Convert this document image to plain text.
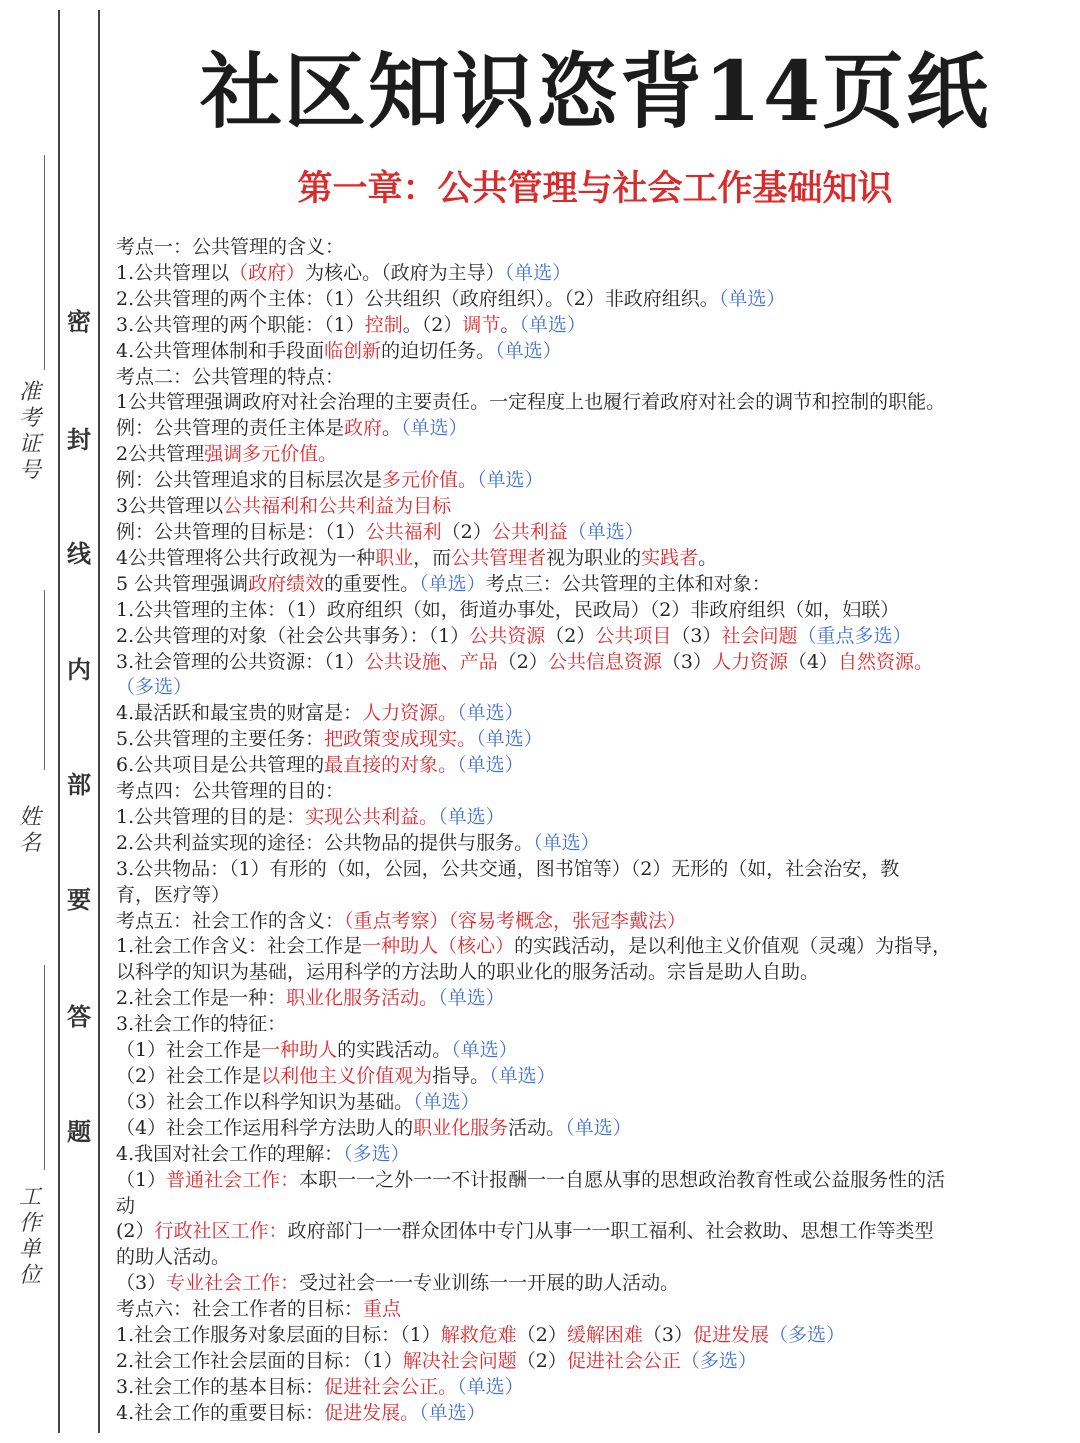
准考证号
姓名
工作单位
密
封
线
内
部
要
答
题
社区知识恣背14页纸
第一章：公共管理与社会工作基础知识
考点一：公共管理的含义：
1.公共管理以（政府）为核心。（政府为主导）（单选）
2.公共管理的两个主体：（1）公共组织（政府组织）。（2）非政府组织。（单选）
3.公共管理的两个职能：（1）控制。（2）调节。（单选）
4.公共管理体制和手段面临创新的迫切任务。（单选）
考点二：公共管理的特点：
1公共管理强调政府对社会治理的主要责任。一定程度上也履行着政府对社会的调节和控制的职能。
例：公共管理的责任主体是政府。（单选）
2公共管理强调多元价值。
例：公共管理追求的目标层次是多元价值。（单选）
3公共管理以公共福利和公共利益为目标
例：公共管理的目标是：（1）公共福利（2）公共利益（单选）
4公共管理将公共行政视为一种职业，而公共管理者视为职业的实践者。
5 公共管理强调政府绩效的重要性。（单选）考点三：公共管理的主体和对象：
1.公共管理的主体：（1）政府组织（如，街道办事处，民政局）（2）非政府组织（如，妇联）
2.公共管理的对象（社会公共事务）：（1）公共资源（2）公共项目（3）社会问题（重点多选）
3.社会管理的公共资源：（1）公共设施、产品（2）公共信息资源（3）人力资源（4）自然资源。
（多选）
4.最活跃和最宝贵的财富是：人力资源。（单选）
5.公共管理的主要任务：把政策变成现实。（单选）
6.公共项目是公共管理的最直接的对象。（单选）
考点四：公共管理的目的：
1.公共管理的目的是：实现公共利益。（单选）
2.公共利益实现的途径：公共物品的提供与服务。（单选）
3.公共物品：（1）有形的（如，公园，公共交通，图书馆等）（2）无形的（如，社会治安，教
育，医疗等）
考点五：社会工作的含义：（重点考察）（容易考概念，张冠李戴法）
1.社会工作含义：社会工作是一种助人（核心）的实践活动，是以利他主义价值观（灵魂）为指导，
以科学的知识为基础，运用科学的方法助人的职业化的服务活动。宗旨是助人自助。
2.社会工作是一种：职业化服务活动。（单选）
3.社会工作的特征：
（1）社会工作是一种助人的实践活动。（单选）
（2）社会工作是以利他主义价值观为指导。（单选）
（3）社会工作以科学知识为基础。（单选）
（4）社会工作运用科学方法助人的职业化服务活动。（单选）
4.我国对社会工作的理解：（多选）
（1）普通社会工作：本职一一之外一一不计报酬一一自愿从事的思想政治教育性或公益服务性的活
动
(2）行政社区工作：政府部门一一群众团体中专门从事一一职工福利、社会救助、思想工作等类型
的助人活动。
（3）专业社会工作：受过社会一一专业训练一一开展的助人活动。
考点六：社会工作者的目标：重点
1.社会工作服务对象层面的目标：（1）解救危难（2）缓解困难（3）促进发展（多选）
2.社会工作社会层面的目标：（1）解决社会问题（2）促进社会公正（多选）
3.社会工作的基本目标：促进社会公正。（单选）
4.社会工作的重要目标：促进发展。（单选）
